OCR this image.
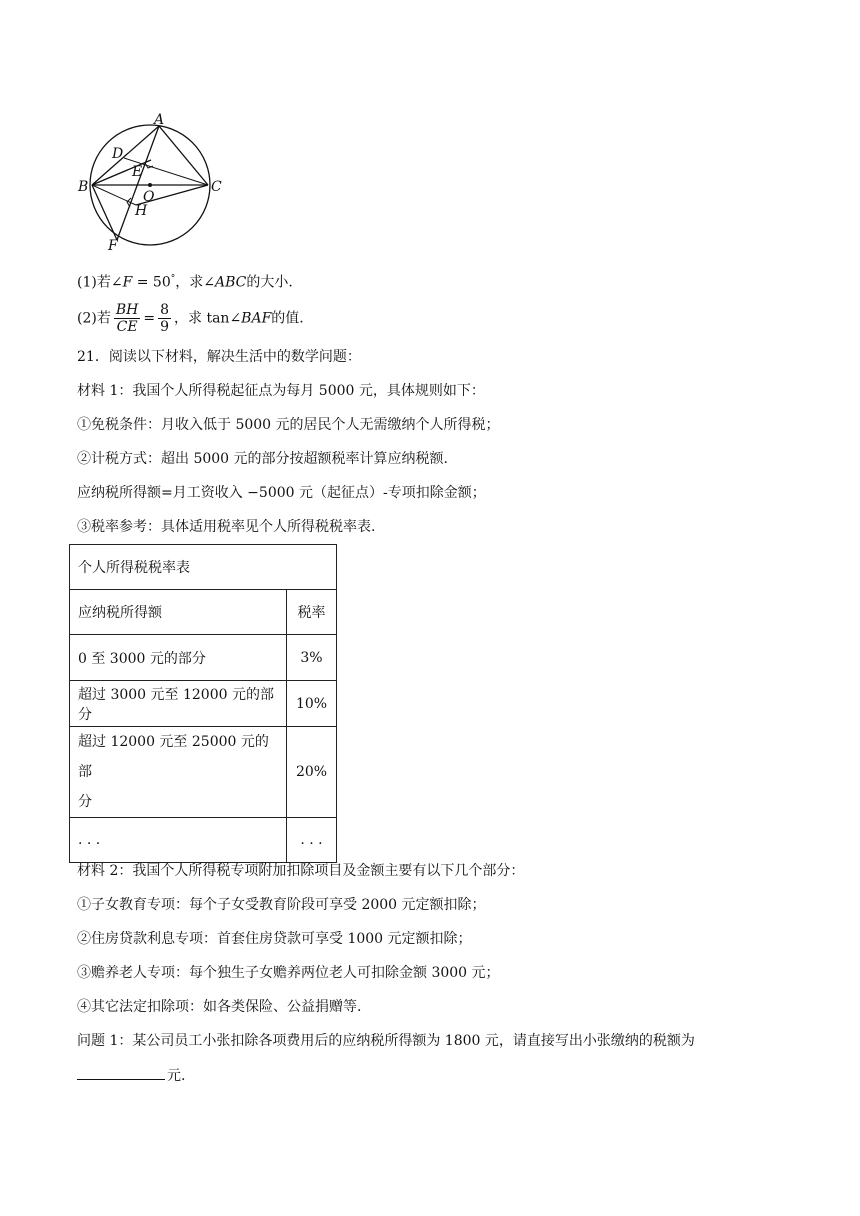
A
D
E
B
O
C
H
F
(1)若∠F = 50°，求∠ABC的大小.
(2)若 $\frac{BH}{CE} = \frac{8}{9}$ ，求 tan∠BAF的值.
21．阅读以下材料，解决生活中的数学问题：
材料 1：我国个人所得税起征点为每月 5000 元，具体规则如下：
①免税条件：月收入低于 5000 元的居民个人无需缴纳个人所得税；
②计税方式：超出 5000 元的部分按超额税率计算应纳税额.
应纳税所得额=月工资收入 −5000 元（起征点）-专项扣除金额；
③税率参考：具体适用税率见个人所得税税率表.
个人所得税税率表	
应纳税所得额	税率
0 至 3000 元的部分	3%
超过 3000 元至 12000 元的部分	10%
超过 12000 元至 25000 元的部
分	20%
. . .	. . .
材料 2：我国个人所得税专项附加扣除项目及金额主要有以下几个部分：
①子女教育专项：每个子女受教育阶段可享受 2000 元定额扣除；
②住房贷款利息专项：首套住房贷款可享受 1000 元定额扣除；
③赡养老人专项：每个独生子女赡养两位老人可扣除金额 3000 元；
④其它法定扣除项：如各类保险、公益捐赠等.
问题 1：某公司员工小张扣除各项费用后的应纳税所得额为 1800 元，请直接写出小张缴纳的税额为
元.
